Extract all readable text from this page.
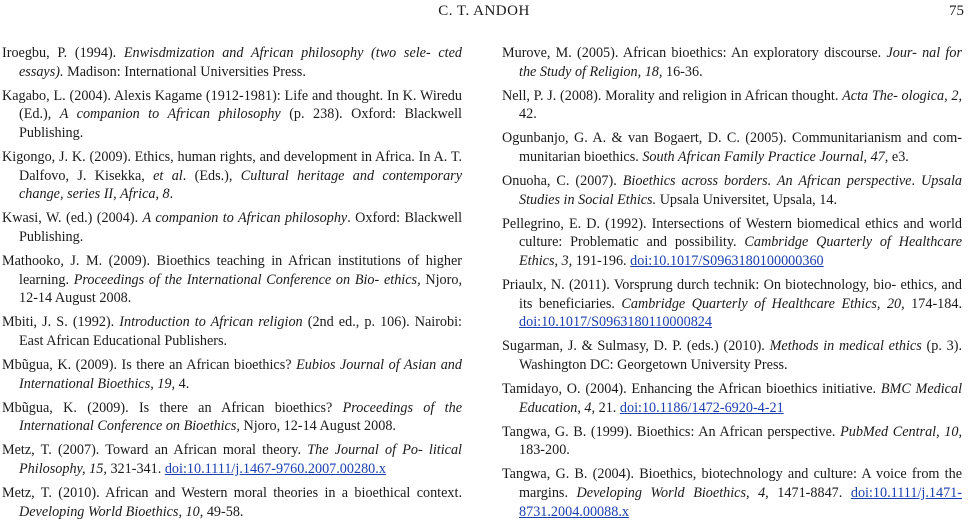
C. T. ANDOH	75

Iroegbu, P. (1994). Enwisdmization and African philosophy (two sele- cted essays). Madison: International Universities Press.

Kagabo, L. (2004). Alexis Kagame (1912-1981): Life and thought. In K. Wiredu (Ed.), A companion to African philosophy (p. 238). Oxford: Blackwell Publishing.

Kigongo, J. K. (2009). Ethics, human rights, and development in Africa. In A. T. Dalfovo, J. Kisekka, et al. (Eds.), Cultural heritage and contemporary change, series II, Africa, 8.

Kwasi, W. (ed.) (2004). A companion to African philosophy. Oxford: Blackwell Publishing.

Mathooko, J. M. (2009). Bioethics teaching in African institutions of higher learning. Proceedings of the International Conference on Bio- ethics, Njoro, 12-14 August 2008.

Mbiti, J. S. (1992). Introduction to African religion (2nd ed., p. 106). Nairobi: East African Educational Publishers.

Mbũgua, K. (2009). Is there an African bioethics? Eubios Journal of Asian and International Bioethics, 19, 4.

Mbũgua, K. (2009). Is there an African bioethics? Proceedings of the International Conference on Bioethics, Njoro, 12-14 August 2008.

Metz, T. (2007). Toward an African moral theory. The Journal of Po- litical Philosophy, 15, 321-341. doi:10.1111/j.1467-9760.2007.00280.x

Metz, T. (2010). African and Western moral theories in a bioethical context. Developing World Bioethics, 10, 49-58.

Murove, M. (2005). African bioethics: An exploratory discourse. Jour- nal for the Study of Religion, 18, 16-36.

Nell, P. J. (2008). Morality and religion in African thought. Acta The- ologica, 2, 42.

Ogunbanjo, G. A. & van Bogaert, D. C. (2005). Communitarianism and com- munitarian bioethics. South African Family Practice Journal, 47, e3.

Onuoha, C. (2007). Bioethics across borders. An African perspective. Upsala Studies in Social Ethics. Upsala Universitet, Upsala, 14.

Pellegrino, E. D. (1992). Intersections of Western biomedical ethics and world culture: Problematic and possibility. Cambridge Quarterly of Healthcare Ethics, 3, 191-196. doi:10.1017/S0963180100000360

Priaulx, N. (2011). Vorsprung durch technik: On biotechnology, bio- ethics, and its beneficiaries. Cambridge Quarterly of Healthcare Ethics, 20, 174-184. doi:10.1017/S0963180110000824

Sugarman, J. & Sulmasy, D. P. (eds.) (2010). Methods in medical ethics (p. 3). Washington DC: Georgetown University Press.

Tamidayo, O. (2004). Enhancing the African bioethics initiative. BMC Medical Education, 4, 21. doi:10.1186/1472-6920-4-21

Tangwa, G. B. (1999). Bioethics: An African perspective. PubMed Central, 10, 183-200.

Tangwa, G. B. (2004). Bioethics, biotechnology and culture: A voice from the margins. Developing World Bioethics, 4, 1471-8847. doi:10.1111/j.1471-8731.2004.00088.x
